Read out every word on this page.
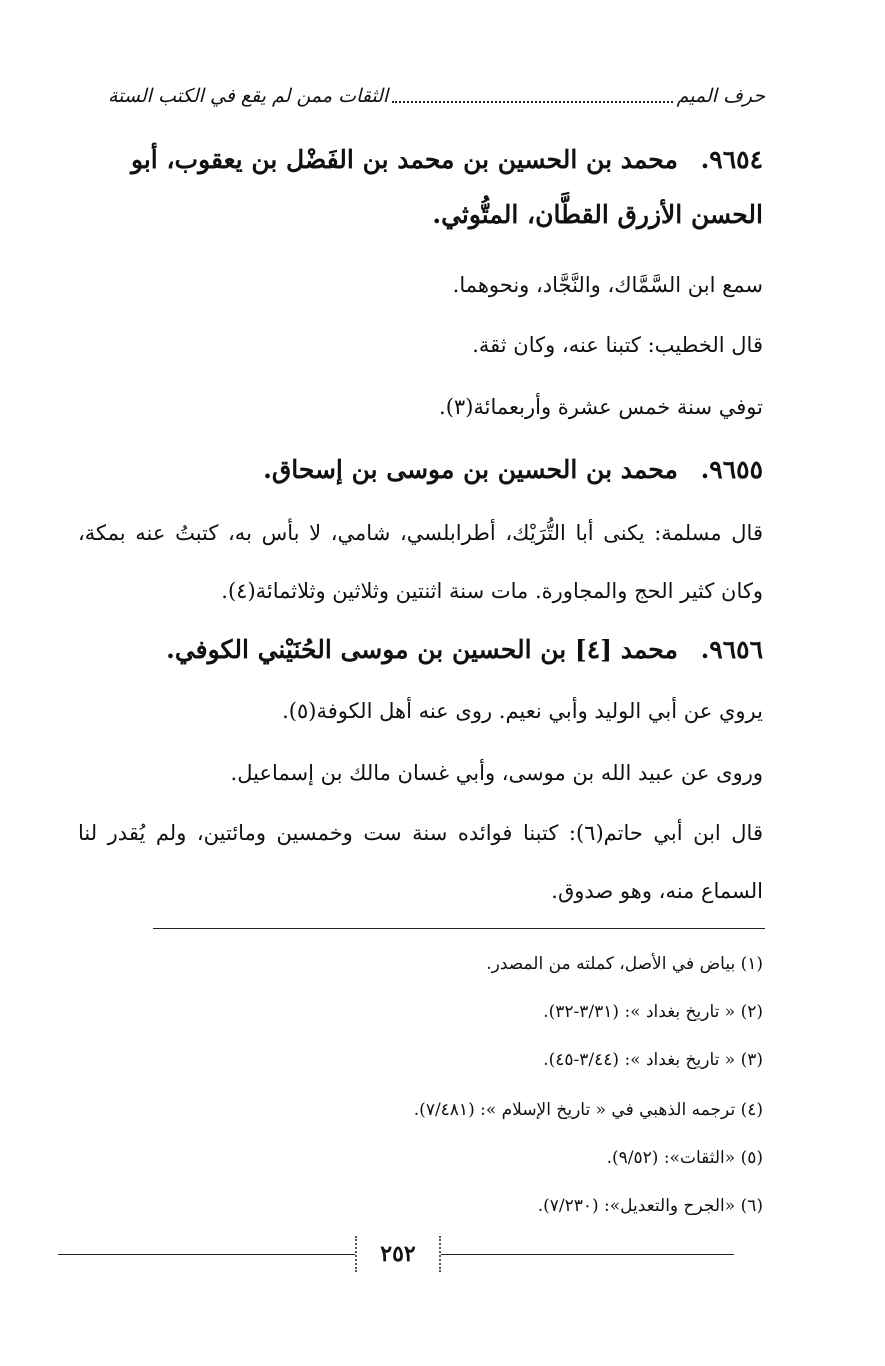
حرف الميم
الثقات ممن لم يقع في الكتب الستة
٩٦٥٤. محمد بن الحسين بن محمد بن الفَضْل بن يعقوب، أبو الحسن الأزرق القطَّان، المتُّوثي.
سمع ابن السَّمَّاك، والنَّجَّاد، ونحوهما.
قال الخطيب: كتبنا عنه، وكان ثقة.
توفي سنة خمس عشرة وأربعمائة(٣).
٩٦٥٥. محمد بن الحسين بن موسى بن إسحاق.
قال مسلمة: يكنى أبا التُّرَيْك، أطرابلسي، شامي، لا بأس به، كتبتُ عنه بمكة، وكان كثير الحج والمجاورة. مات سنة اثنتين وثلاثين وثلاثمائة(٤).
٩٦٥٦. محمد [٤] بن الحسين بن موسى الحُنَيْني الكوفي.
يروي عن أبي الوليد وأبي نعيم. روى عنه أهل الكوفة(٥).
وروى عن عبيد الله بن موسى، وأبي غسان مالك بن إسماعيل.
قال ابن أبي حاتم(٦): كتبنا فوائده سنة ست وخمسين ومائتين، ولم يُقدر لنا السماع منه، وهو صدوق.
(١) بياض في الأصل، كملته من المصدر.
(٢) « تاريخ بغداد »: (٣/٣١-٣٢).
(٣) « تاريخ بغداد »: (٣/٤٤-٤٥).
(٤) ترجمه الذهبي في « تاريخ الإسلام »: (٧/٤٨١).
(٥) «الثقات»: (٩/٥٢).
(٦) «الجرح والتعديل»: (٧/٢٣٠).
٢٥٢
